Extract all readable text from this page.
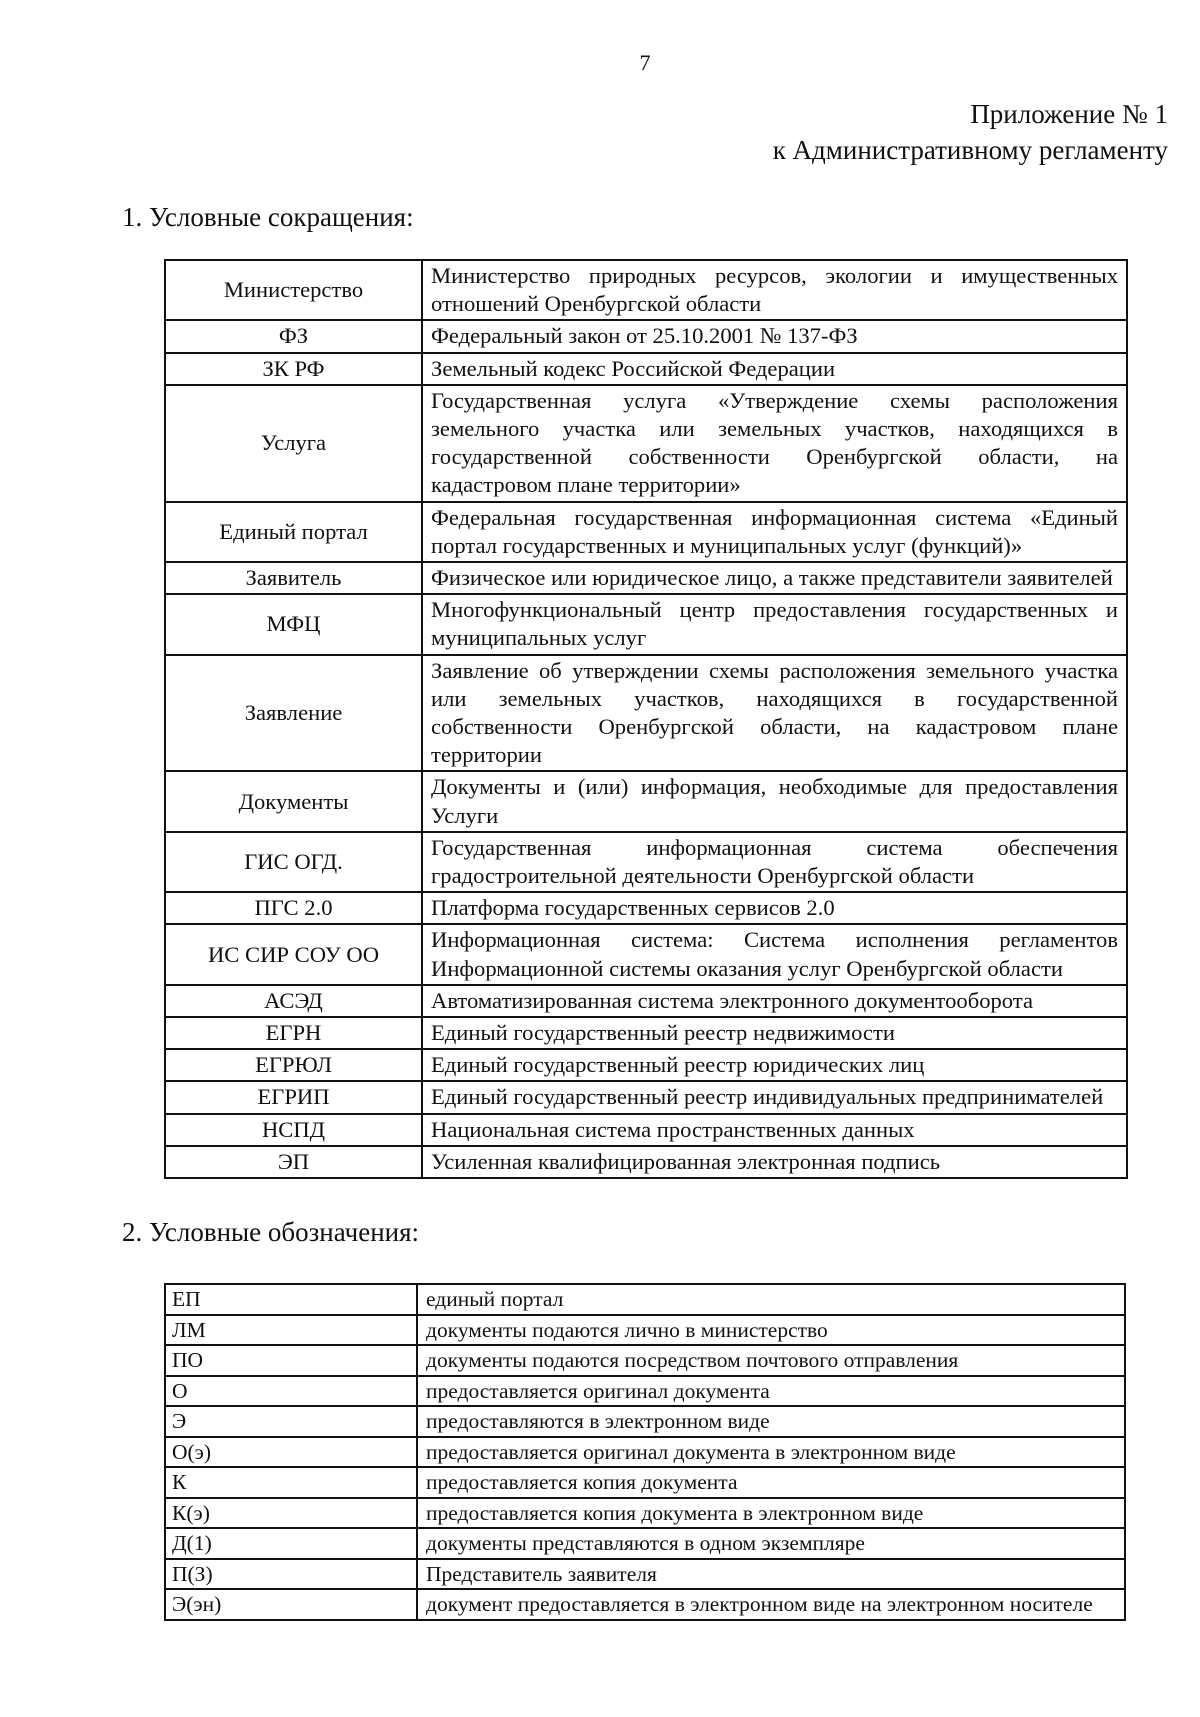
7
Приложение № 1
к Административному регламенту
1. Условные сокращения:
Министерство	Министерство природных ресурсов, экологии и имущественных отношений Оренбургской области
ФЗ	Федеральный закон от 25.10.2001 № 137-ФЗ
ЗК РФ	Земельный кодекс Российской Федерации
Услуга	Государственная услуга «Утверждение схемы расположения земельного участка или земельных участков, находящихся в государственной собственности Оренбургской области, на кадастровом плане территории»
Единый портал	Федеральная государственная информационная система «Единый портал государственных и муниципальных услуг (функций)»
Заявитель	Физическое или юридическое лицо, а также представители заявителей
МФЦ	Многофункциональный центр предоставления государственных и муниципальных услуг
Заявление	Заявление об утверждении схемы расположения земельного участка или земельных участков, находящихся в государственной собственности Оренбургской области, на кадастровом плане территории
Документы	Документы и (или) информация, необходимые для предоставления Услуги
ГИС ОГД.	Государственная информационная система обеспечения градостроительной деятельности Оренбургской области
ПГС 2.0	Платформа государственных сервисов 2.0
ИС СИР СОУ ОО	Информационная система: Система исполнения регламентов Информационной системы оказания услуг Оренбургской области
АСЭД	Автоматизированная система электронного документооборота
ЕГРН	Единый государственный реестр недвижимости
ЕГРЮЛ	Единый государственный реестр юридических лиц
ЕГРИП	Единый государственный реестр индивидуальных предпринимателей
НСПД	Национальная система пространственных данных
ЭП	Усиленная квалифицированная электронная подпись
2. Условные обозначения:
ЕП	единый портал
ЛМ	документы подаются лично в министерство
ПО	документы подаются посредством почтового отправления
О	предоставляется оригинал документа
Э	предоставляются в электронном виде
О(э)	предоставляется оригинал документа в электронном виде
К	предоставляется копия документа
К(э)	предоставляется копия документа в электронном виде
Д(1)	документы представляются в одном экземпляре
П(З)	Представитель заявителя
Э(эн)	документ предоставляется в электронном виде на электронном носителе
